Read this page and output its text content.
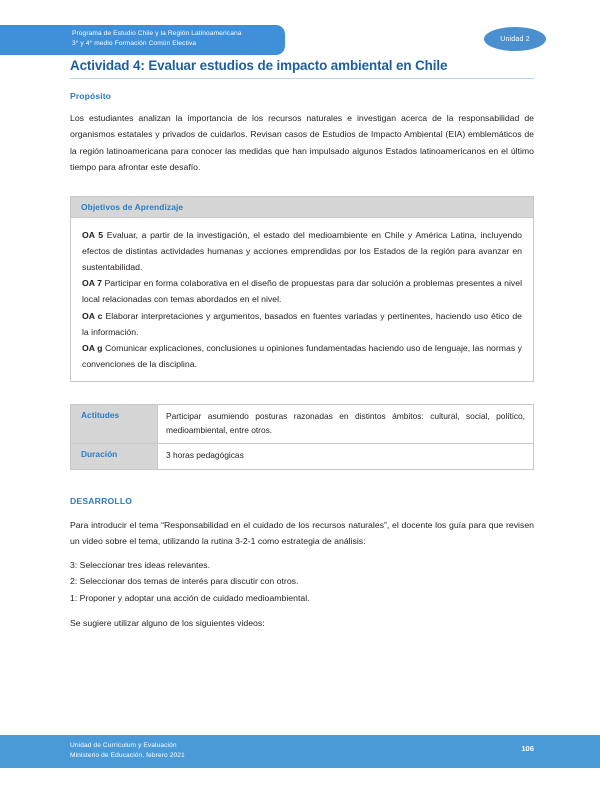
Programa de Estudio Chile y la Región Latinoamericana
3° y 4° medio Formación Común Electiva
Unidad 2
Actividad 4: Evaluar estudios de impacto ambiental en Chile
Propósito

Los estudiantes analizan la importancia de los recursos naturales e investigan acerca de la responsabilidad de organismos estatales y privados de cuidarlos. Revisan casos de Estudios de Impacto Ambiental (EIA) emblemáticos de la región latinoamericana para conocer las medidas que han impulsado algunos Estados latinoamericanos en el último tiempo para afrontar este desafío.

Objetivos de Aprendizaje

OA 5 Evaluar, a partir de la investigación, el estado del medioambiente en Chile y América Latina, incluyendo efectos de distintas actividades humanas y acciones emprendidas por los Estados de la región para avanzar en sustentabilidad.

OA 7 Participar en forma colaborativa en el diseño de propuestas para dar solución a problemas presentes a nivel local relacionadas con temas abordados en el nivel.

OA c Elaborar interpretaciones y argumentos, basados en fuentes variadas y pertinentes, haciendo uso ético de la información.

OA g Comunicar explicaciones, conclusiones u opiniones fundamentadas haciendo uso de lenguaje, las normas y convenciones de la disciplina.

Actitudes	Participar asumiendo posturas razonadas en distintos ámbitos: cultural, social, político, medioambiental, entre otros.
Duración	3 horas pedagógicas
DESARROLLO

Para introducir el tema “Responsabilidad en el cuidado de los recursos naturales”, el docente los guía para que revisen un video sobre el tema, utilizando la rutina 3-2-1 como estrategia de análisis:

3: Seleccionar tres ideas relevantes.

2: Seleccionar dos temas de interés para discutir con otros.

1: Proponer y adoptar una acción de cuidado medioambiental.

Se sugiere utilizar alguno de los siguientes videos:

Unidad de Currículum y Evaluación
Ministerio de Educación, febrero 2021
106
